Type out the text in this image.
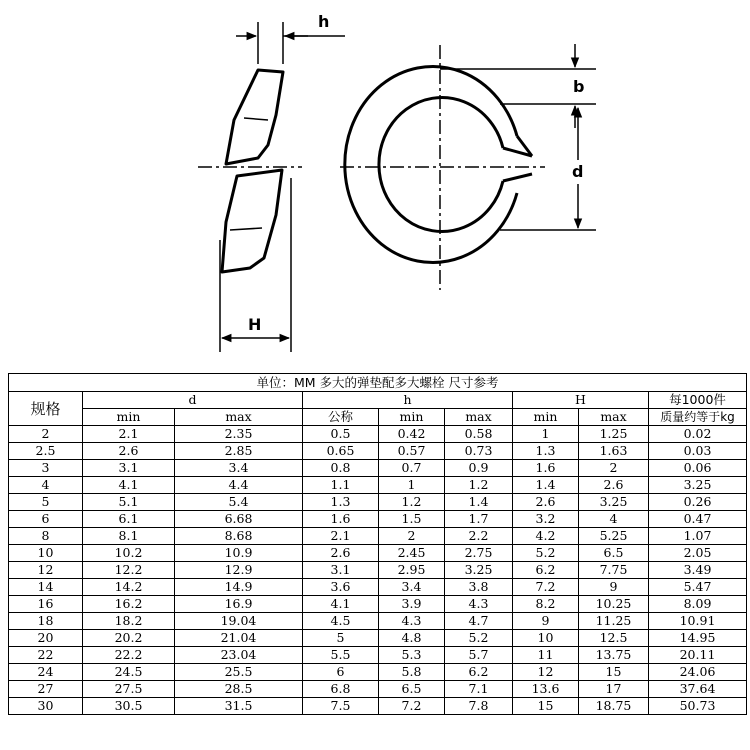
h
H
b
d
单位：MM 多大的弹垫配多大螺栓 尺寸参考								
规格	d		h			H		每1000件
	min	max	公称	min	max	min	max	质量约等于kg
2	2.1	2.35	0.5	0.42	0.58	1	1.25	0.02
2.5	2.6	2.85	0.65	0.57	0.73	1.3	1.63	0.03
3	3.1	3.4	0.8	0.7	0.9	1.6	2	0.06
4	4.1	4.4	1.1	1	1.2	1.4	2.6	3.25
5	5.1	5.4	1.3	1.2	1.4	2.6	3.25	0.26
6	6.1	6.68	1.6	1.5	1.7	3.2	4	0.47
8	8.1	8.68	2.1	2	2.2	4.2	5.25	1.07
10	10.2	10.9	2.6	2.45	2.75	5.2	6.5	2.05
12	12.2	12.9	3.1	2.95	3.25	6.2	7.75	3.49
14	14.2	14.9	3.6	3.4	3.8	7.2	9	5.47
16	16.2	16.9	4.1	3.9	4.3	8.2	10.25	8.09
18	18.2	19.04	4.5	4.3	4.7	9	11.25	10.91
20	20.2	21.04	5	4.8	5.2	10	12.5	14.95
22	22.2	23.04	5.5	5.3	5.7	11	13.75	20.11
24	24.5	25.5	6	5.8	6.2	12	15	24.06
27	27.5	28.5	6.8	6.5	7.1	13.6	17	37.64
30	30.5	31.5	7.5	7.2	7.8	15	18.75	50.73
